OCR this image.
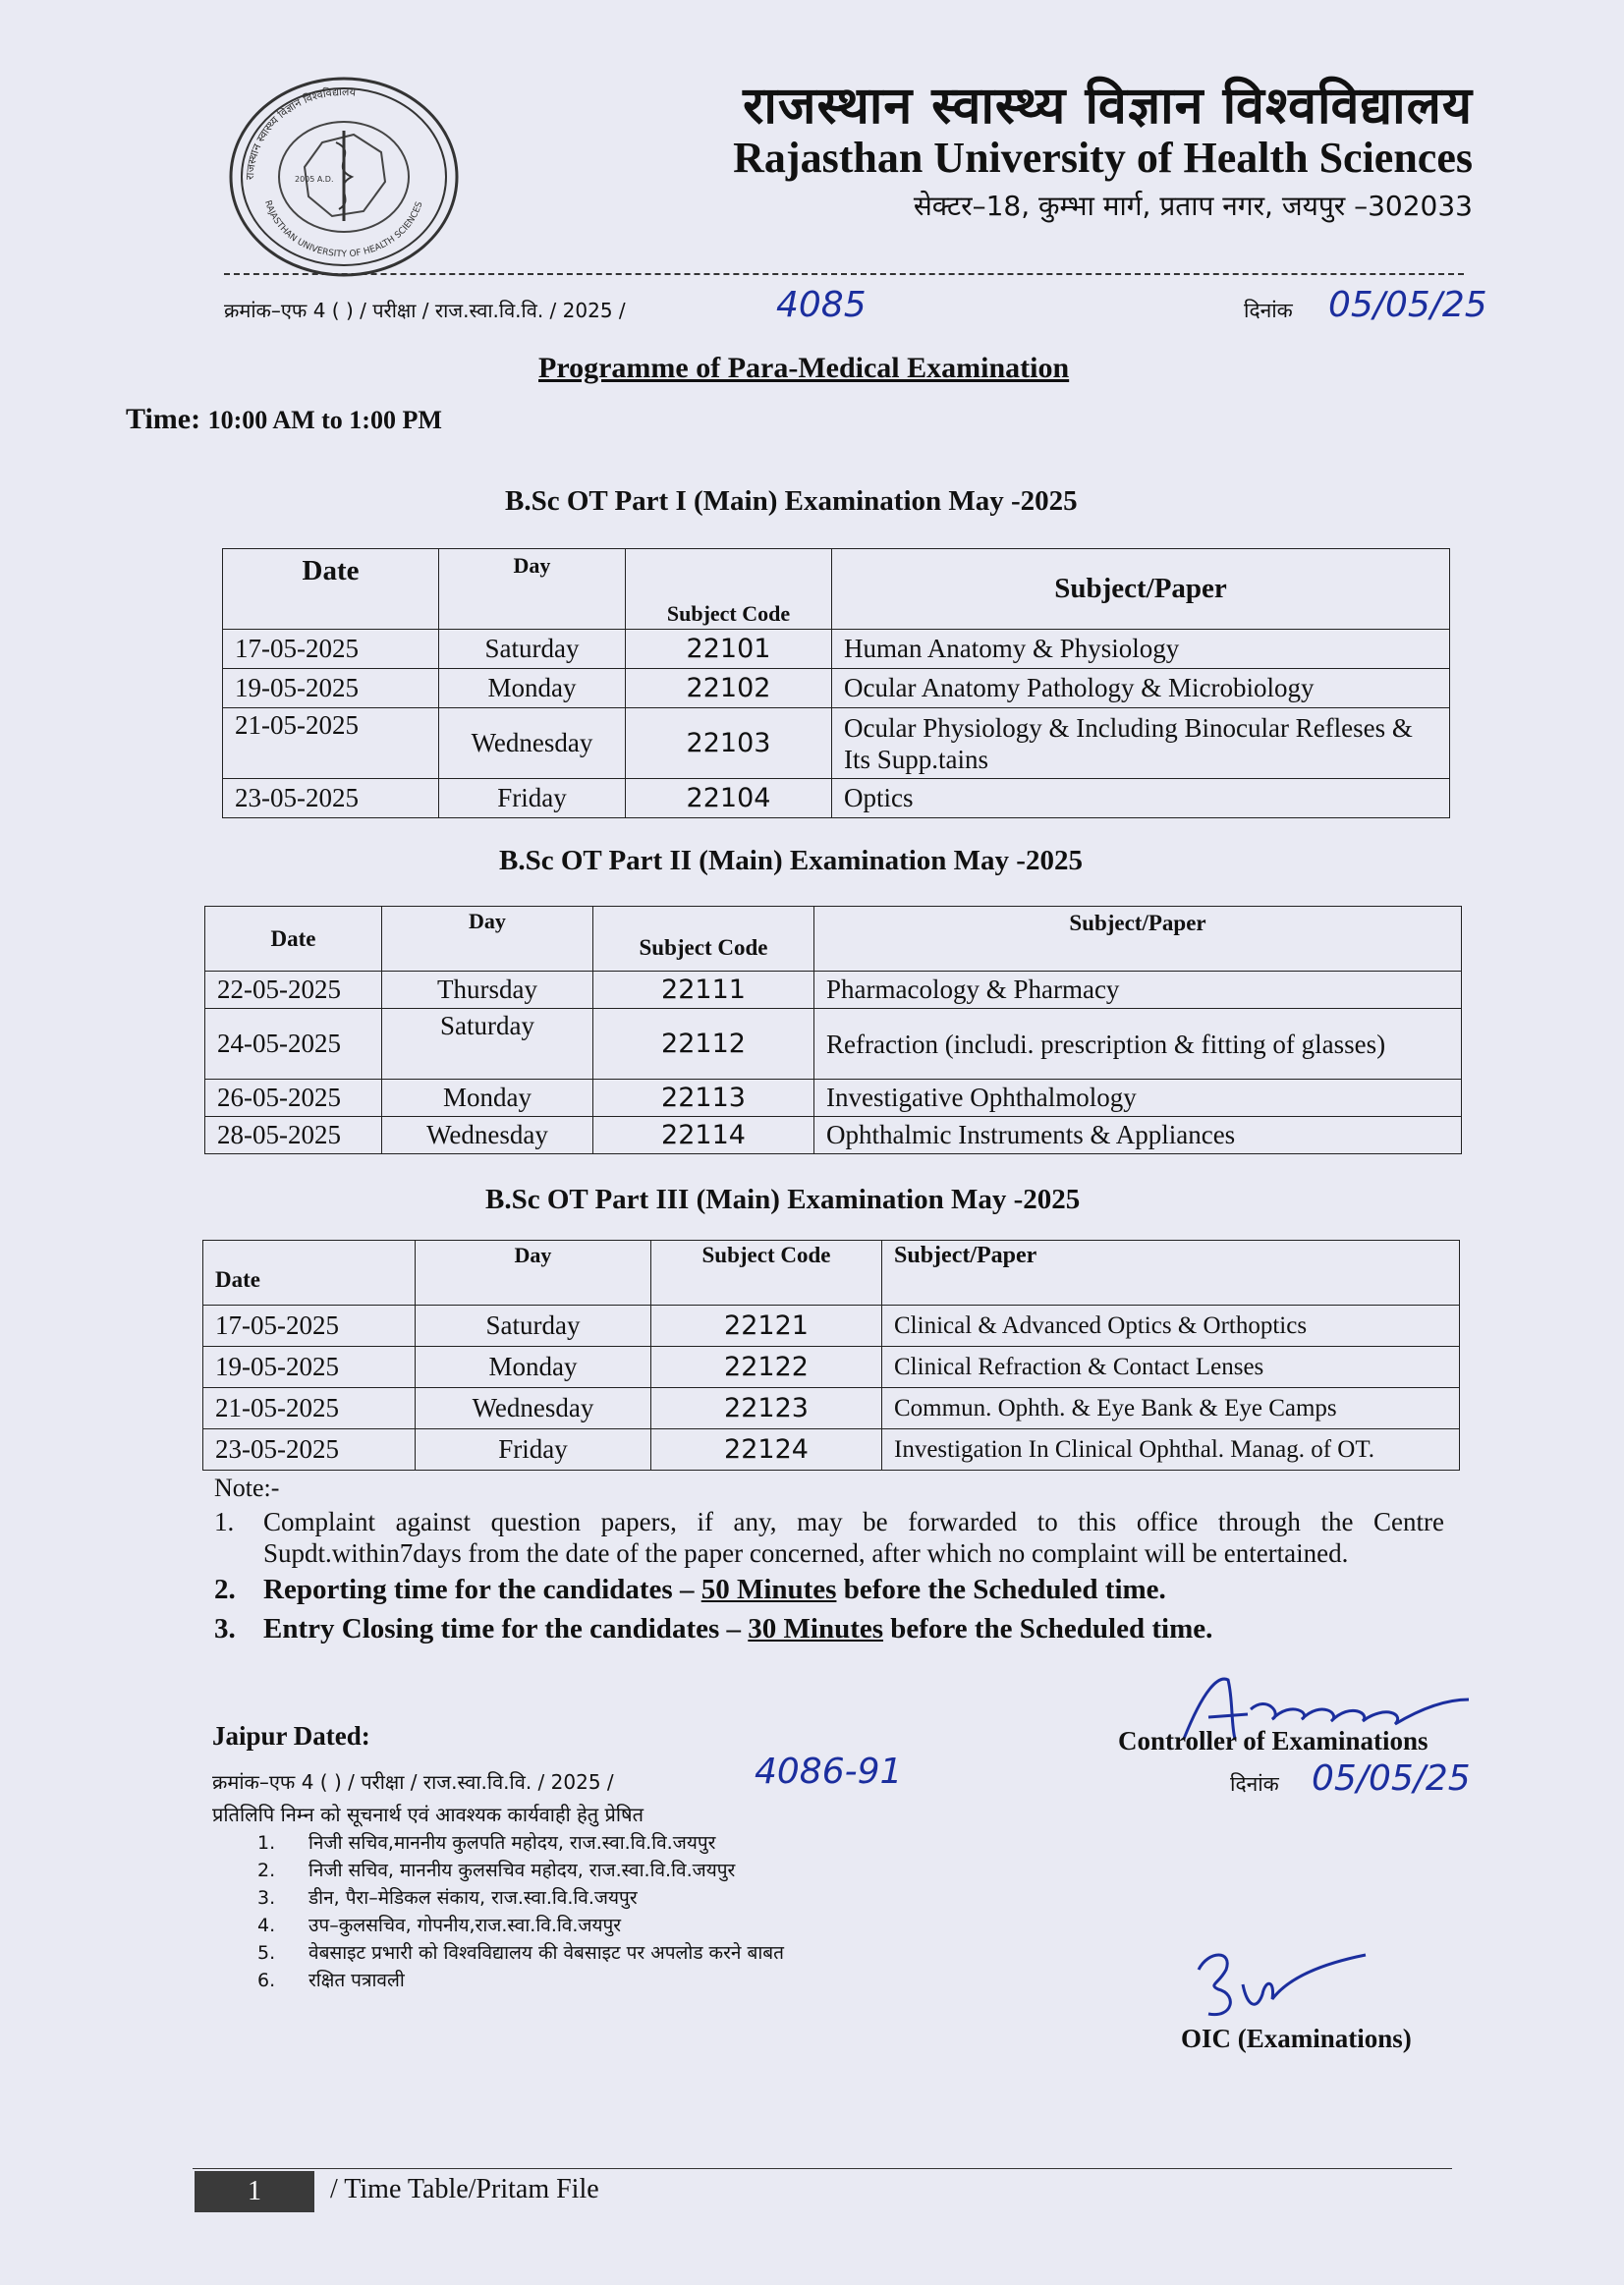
राजस्थान स्वास्थ्य विज्ञान विश्वविद्यालय
RAJASTHAN UNIVERSITY OF HEALTH SCIENCES
2005 A.D.
राजस्थान स्वास्थ्य विज्ञान विश्वविद्यालय
Rajasthan University of Health Sciences
सेक्टर–18, कुम्भा मार्ग, प्रताप नगर, जयपुर –302033
क्रमांक–एफ 4 ( ) / परीक्षा / राज.स्वा.वि.वि. / 2025 /	4085	दिनांक 05/05/25
Programme of Para-Medical Examination
Time: 10:00 AM to 1:00 PM
B.Sc OT Part I (Main) Examination May -2025
Date	Day	Subject Code	Subject/Paper
17-05-2025	Saturday	22101	Human Anatomy & Physiology
19-05-2025	Monday	22102	Ocular Anatomy Pathology & Microbiology
21-05-2025	Wednesday	22103	Ocular Physiology & Including Binocular Refleses & Its Supp.tains
23-05-2025	Friday	22104	Optics
B.Sc OT Part II (Main) Examination May -2025
Date	Day	Subject Code	Subject/Paper
22-05-2025	Thursday	22111	Pharmacology & Pharmacy
24-05-2025	Saturday	22112	Refraction (includi. prescription & fitting of glasses)
26-05-2025	Monday	22113	Investigative Ophthalmology
28-05-2025	Wednesday	22114	Ophthalmic Instruments & Appliances
B.Sc OT Part III (Main) Examination May -2025
Date	Day	Subject Code	Subject/Paper
17-05-2025	Saturday	22121	Clinical & Advanced Optics & Orthoptics
19-05-2025	Monday	22122	Clinical Refraction & Contact Lenses
21-05-2025	Wednesday	22123	Commun. Ophth. & Eye Bank & Eye Camps
23-05-2025	Friday	22124	Investigation In Clinical Ophthal. Manag. of OT.
Note:-
1. Complaint against question papers, if any, may be forwarded to this office through the Centre Supdt.within7days from the date of the paper concerned, after which no complaint will be entertained.
2. Reporting time for the candidates – 50 Minutes before the Scheduled time.
3. Entry Closing time for the candidates – 30 Minutes before the Scheduled time.
Jaipur Dated:	Controller of Examinations
क्रमांक–एफ 4 ( ) / परीक्षा / राज.स्वा.वि.वि. / 2025 /	4086-91	दिनांक 05/05/25
प्रतिलिपि निम्न को सूचनार्थ एवं आवश्यक कार्यवाही हेतु प्रेषित
1. निजी सचिव,माननीय कुलपति महोदय, राज.स्वा.वि.वि.जयपुर
2. निजी सचिव, माननीय कुलसचिव महोदय, राज.स्वा.वि.वि.जयपुर
3. डीन, पैरा–मेडिकल संकाय, राज.स्वा.वि.वि.जयपुर
4. उप–कुलसचिव, गोपनीय,राज.स्वा.वि.वि.जयपुर
5. वेबसाइट प्रभारी को विश्वविद्यालय की वेबसाइट पर अपलोड करने बाबत
6. रक्षित पत्रावली
OIC (Examinations)
1	/ Time Table/Pritam File
